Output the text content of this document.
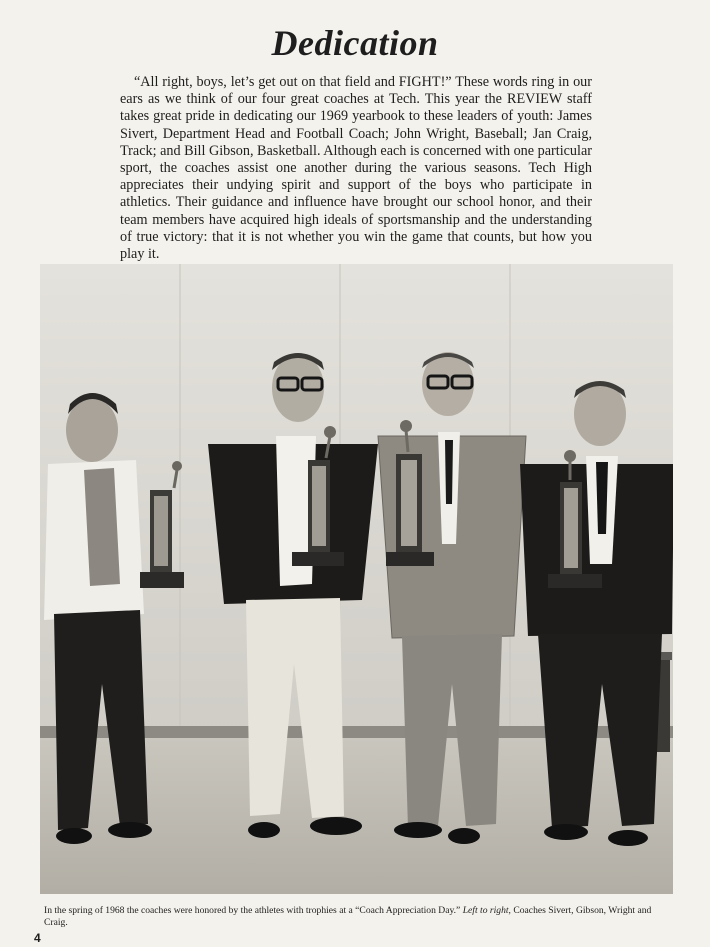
Dedication

“All right, boys, let’s get out on that field and FIGHT!” These words ring in our ears as we think of our four great coaches at Tech. This year the REVIEW staff takes great pride in dedicating our 1969 yearbook to these leaders of youth: James Sivert, Department Head and Football Coach; John Wright, Baseball; Jan Craig, Track; and Bill Gibson, Basketball. Although each is concerned with one particular sport, the coaches assist one another during the various seasons. Tech High appreciates their undying spirit and support of the boys who participate in athletics. Their guidance and influence have brought our school honor, and their team members have acquired high ideals of sportsmanship and the understanding of true victory: that it is not whether you win the game that counts, but how you play it.

In the spring of 1968 the coaches were honored by the athletes with trophies at a “Coach Appreciation Day.” Left to right, Coaches Sivert, Gibson, Wright and Craig.

4
